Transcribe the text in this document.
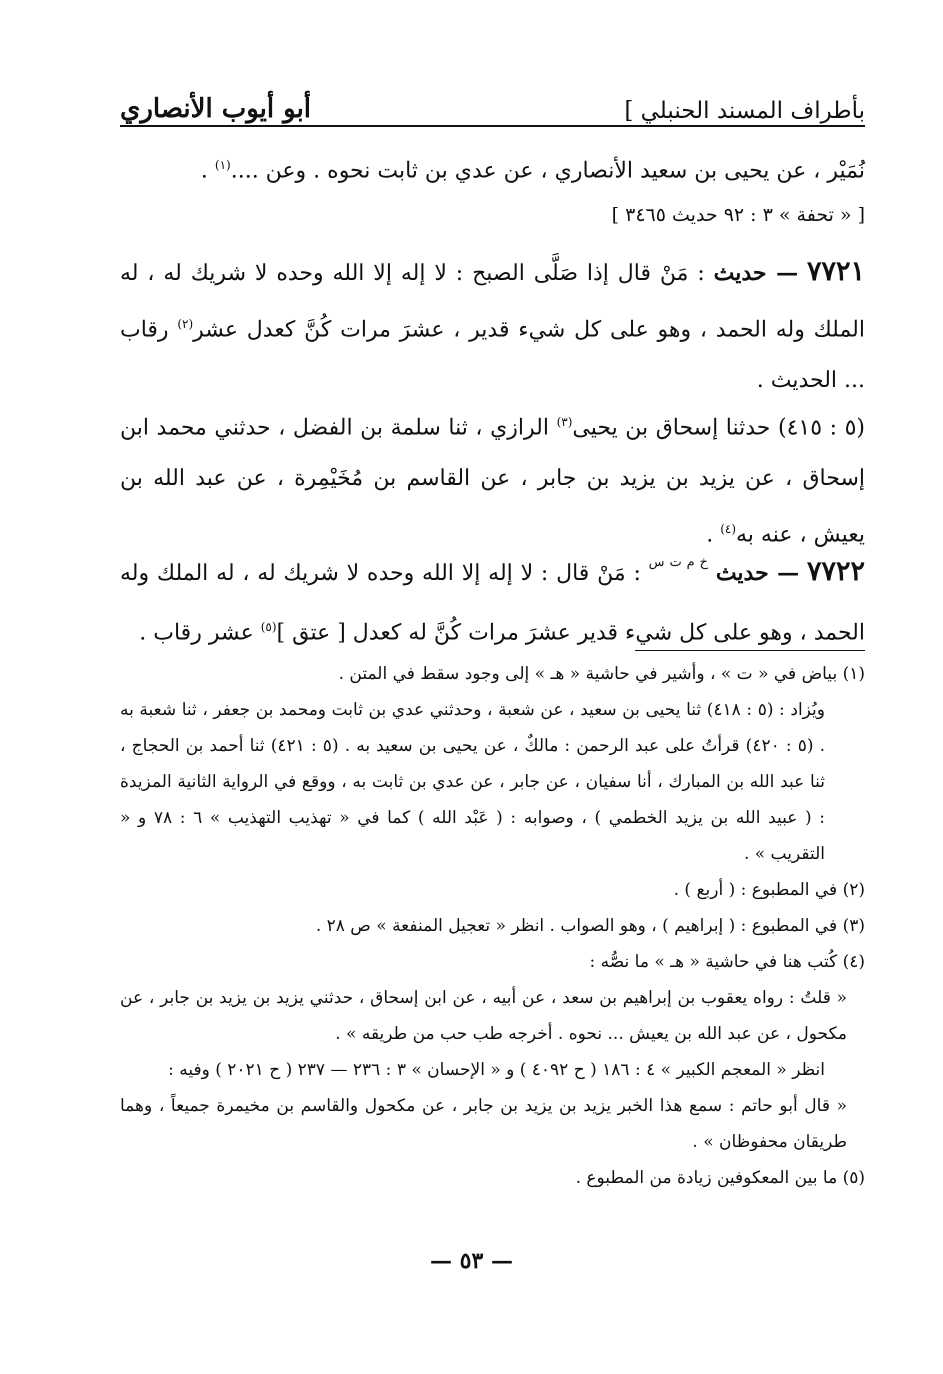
بأطراف المسند الحنبلي ]
أبو أيوب الأنصاري
نُمَيْر ، عن يحيى بن سعيد الأنصاري ، عن عدي بن ثابت نحوه . وعن ....$^{(١)}$ .
[ « تحفة » ٣ : ٩٢ حديث ٣٤٦٥ ]
٧٧٢١ — حديث : مَنْ قال إذا صَلَّى الصبح : لا إله إلا الله وحده لا شريك له ، له الملك وله الحمد ، وهو على كل شيء قدير ، عشرَ مرات كُنَّ كعدل عشر$^{(٢)}$ رقاب ... الحديث .
(٥ : ٤١٥) حدثنا إسحاق بن يحيى$^{(٣)}$ الرازي ، ثنا سلمة بن الفضل ، حدثني محمد ابن إسحاق ، عن يزيد بن يزيد بن جابر ، عن القاسم بن مُخَيْمِرة ، عن عبد الله بن يعيش ، عنه به$^{(٤)}$ .
٧٧٢٢ — حديث $^{خ م ت س}$ : مَنْ قال : لا إله إلا الله وحده لا شريك له ، له الملك وله الحمد ، وهو على كل شيء قدير عشرَ مرات كُنَّ له كعدل [ عتق ]$^{(٥)}$ عشر رقاب .
(١) بياض في « ت » ، وأشير في حاشية « هـ » إلى وجود سقط في المتن .
ويُزاد : (٥ : ٤١٨) ثنا يحيى بن سعيد ، عن شعبة ، وحدثني عدي بن ثابت ومحمد بن جعفر ، ثنا شعبة به . (٥ : ٤٢٠) قرأتُ على عبد الرحمن : مالكٌ ، عن يحيى بن سعيد به . (٥ : ٤٢١) ثنا أحمد بن الحجاج ، ثنا عبد الله بن المبارك ، أنا سفيان ، عن جابر ، عن عدي بن ثابت به ، ووقع في الرواية الثانية المزيدة : ( عبيد الله بن يزيد الخطمي ) ، وصوابه : ( عَبْد الله ) كما في « تهذيب التهذيب » ٦ : ٧٨ و « التقريب » .
(٢) في المطبوع : ( أربع ) .
(٣) في المطبوع : ( إبراهيم ) ، وهو الصواب . انظر « تعجيل المنفعة » ص ٢٨ .
(٤) كُتب هنا في حاشية « هـ » ما نصُّه :
« قلتُ : رواه يعقوب بن إبراهيم بن سعد ، عن أبيه ، عن ابن إسحاق ، حدثني يزيد بن يزيد بن جابر ، عن مكحول ، عن عبد الله بن يعيش ... نحوه . أخرجه طب حب من طريقه » .
انظر « المعجم الكبير » ٤ : ١٨٦ ( ح ٤٠٩٢ ) و « الإحسان » ٣ : ٢٣٦ — ٢٣٧ ( ح ٢٠٢١ ) وفيه :
« قال أبو حاتم : سمع هذا الخبر يزيد بن يزيد بن جابر ، عن مكحول والقاسم بن مخيمرة جميعاً ، وهما طريقان محفوظان » .
(٥) ما بين المعكوفين زيادة من المطبوع .
— ٥٣ —
